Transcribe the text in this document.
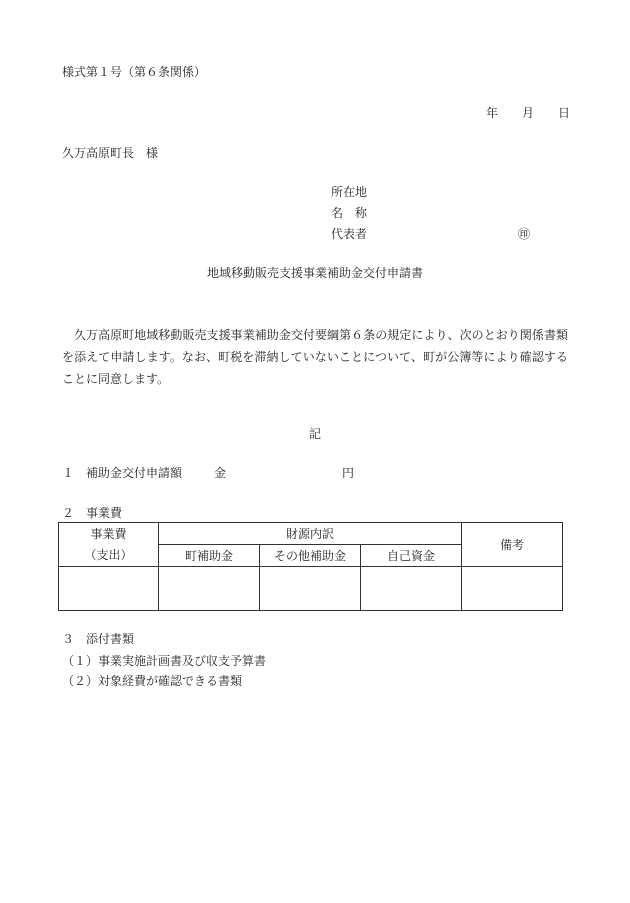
様式第１号（第６条関係）
年 月 日
久万高原町長　様
所在地
名　称
代表者	㊞
地域移動販売支援事業補助金交付申請書
久万高原町地域移動販売支援事業補助金交付要綱第６条の規定により、次のとおり関係書類を添えて申請します。なお、町税を滞納していないことについて、町が公簿等により確認することに同意します。
記
１ 補助金交付申請額	金	円
２ 事業費
事業費	財源内訳			備考
（支出）	町補助金	その他補助金	自己資金	

３ 添付書類
（１）事業実施計画書及び収支予算書
（２）対象経費が確認できる書類
